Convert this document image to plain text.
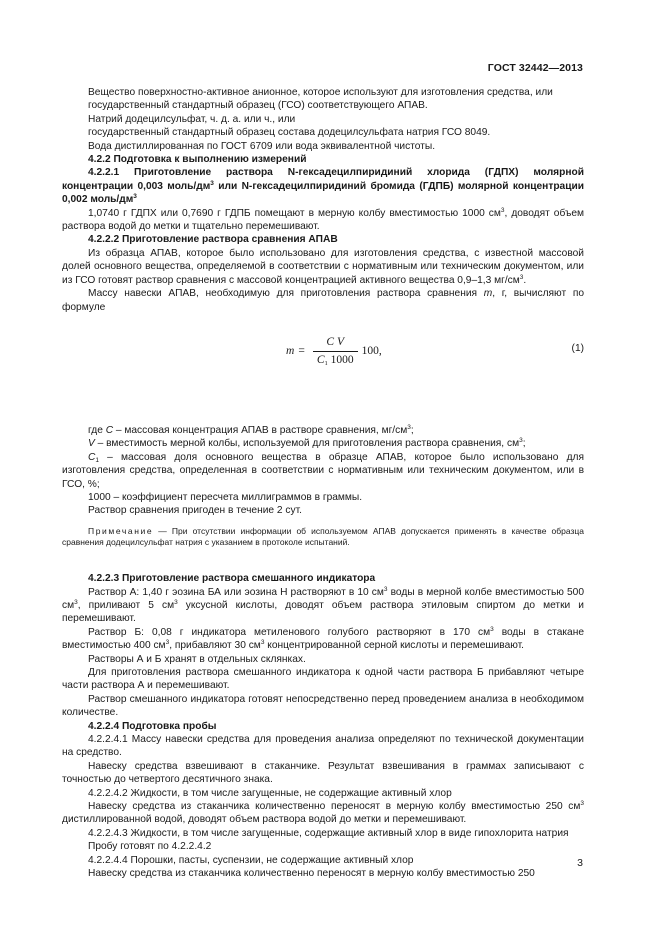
ГОСТ 32442—2013

Вещество поверхностно-активное анионное, которое используют для изготовления средства, или

государственный стандартный образец (ГСО) соответствующего АПАВ.

Натрий додецилсульфат, ч. д. а. или ч., или

государственный стандартный образец состава додецилсульфата натрия ГСО 8049.

Вода дистиллированная по ГОСТ 6709 или вода эквивалентной чистоты.

4.2.2 Подготовка к выполнению измерений

4.2.2.1 Приготовление раствора N-гексадецилпиридиний хлорида (ГДПХ) молярной концентрации 0,003 моль/$дм^3$ или N-гексадецилпиридиний бромида (ГДПБ) молярной концентрации 0,002 моль/$дм^3$

1,0740 г ГДПХ или 0,7690 г ГДПБ помещают в мерную колбу вместимостью 1000 $см^3$, доводят объем раствора водой до метки и тщательно перемешивают.

4.2.2.2 Приготовление раствора сравнения АПАВ

Из образца АПАВ, которое было использовано для изготовления средства, с известной массовой долей основного вещества, определяемой в соответствии с нормативным или техническим документом, или из ГСО готовят раствор сравнения с массовой концентрацией активного вещества 0,9–1,3 $мг/см^3$.

Массу навески АПАВ, необходимую для приготовления раствора сравнения m, г, вычисляют по формуле

$m = \frac{\text{C V}}{C_1 1000} 100$ ,	(1)

где С – массовая концентрация АПАВ в растворе сравнения, $мг/см^3$;

V – вместимость мерной колбы, используемой для приготовления раствора сравнения, $см^3$;

$С_1$ – массовая доля основного вещества в образце АПАВ, которое было использовано для изготовления средства, определенная в соответствии с нормативным или техническим документом, или в ГСО, %;

1000 – коэффициент пересчета миллиграммов в граммы.

Раствор сравнения пригоден в течение 2 сут.

Примечание — При отсутствии информации об используемом АПАВ допускается применять в качестве образца сравнения додецилсульфат натрия с указанием в протоколе испытаний.

4.2.2.3 Приготовление раствора смешанного индикатора

Раствор А: 1,40 г эозина БА или эозина Н растворяют в 10 $см^3$ воды в мерной колбе вместимостью 500 $см^3$, приливают 5 $см^3$ уксусной кислоты, доводят объем раствора этиловым спиртом до метки и перемешивают.

Раствор Б: 0,08 г индикатора метиленового голубого растворяют в 170 $см^3$ воды в стакане вместимостью 400 $см^3$, прибавляют 30 $см^3$ концентрированной серной кислоты и перемешивают.

Растворы А и Б хранят в отдельных склянках.

Для приготовления раствора смешанного индикатора к одной части раствора Б прибавляют четыре части раствора А и перемешивают.

Раствор смешанного индикатора готовят непосредственно перед проведением анализа в необходимом количестве.

4.2.2.4 Подготовка пробы

4.2.2.4.1 Массу навески средства для проведения анализа определяют по технической документации на средство.

Навеску средства взвешивают в стаканчике. Результат взвешивания в граммах записывают с точностью до четвертого десятичного знака.

4.2.2.4.2 Жидкости, в том числе загущенные, не содержащие активный хлор

Навеску средства из стаканчика количественно переносят в мерную колбу вместимостью 250 $см^3$ дистиллированной водой, доводят объем раствора водой до метки и перемешивают.

4.2.2.4.3 Жидкости, в том числе загущенные, содержащие активный хлор в виде гипохлорита натрия

Пробу готовят по 4.2.2.4.2

4.2.2.4.4 Порошки, пасты, суспензии, не содержащие активный хлор

Навеску средства из стаканчика количественно переносят в мерную колбу вместимостью 250

3
